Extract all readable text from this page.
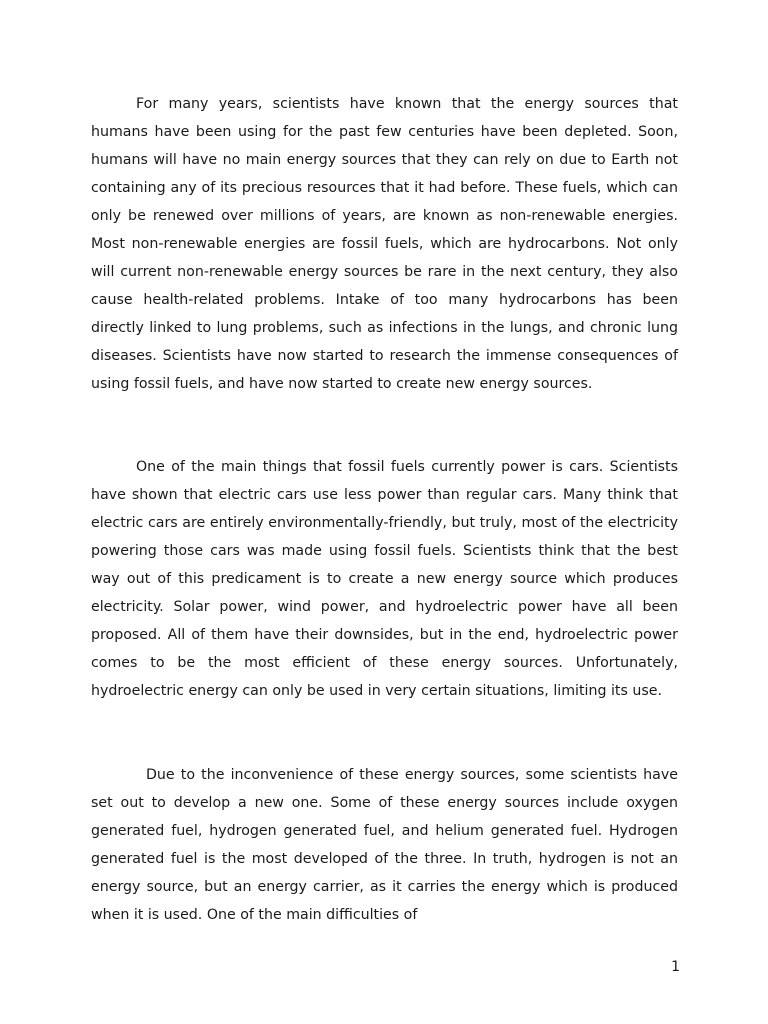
For many years, scientists have known that the energy sources that humans have been using for the past few centuries have been depleted. Soon, humans will have no main energy sources that they can rely on due to Earth not containing any of its precious resources that it had before. These fuels, which can only be renewed over millions of years, are known as non-renewable energies. Most non-renewable energies are fossil fuels, which are hydrocarbons. Not only will current non-renewable energy sources be rare in the next century, they also cause health-related problems. Intake of too many hydrocarbons has been directly linked to lung problems, such as infections in the lungs, and chronic lung diseases. Scientists have now started to research the immense consequences of using fossil fuels, and have now started to create new energy sources.

One of the main things that fossil fuels currently power is cars. Scientists have shown that electric cars use less power than regular cars. Many think that electric cars are entirely environmentally-friendly, but truly, most of the electricity powering those cars was made using fossil fuels. Scientists think that the best way out of this predicament is to create a new energy source which produces electricity. Solar power, wind power, and hydroelectric power have all been proposed. All of them have their downsides, but in the end, hydroelectric power comes to be the most efficient of these energy sources. Unfortunately, hydroelectric energy can only be used in very certain situations, limiting its use.

Due to the inconvenience of these energy sources, some scientists have set out to develop a new one. Some of these energy sources include oxygen generated fuel, hydrogen generated fuel, and helium generated fuel. Hydrogen generated fuel is the most developed of the three. In truth, hydrogen is not an energy source, but an energy carrier, as it carries the energy which is produced when it is used. One of the main difficulties of

1
